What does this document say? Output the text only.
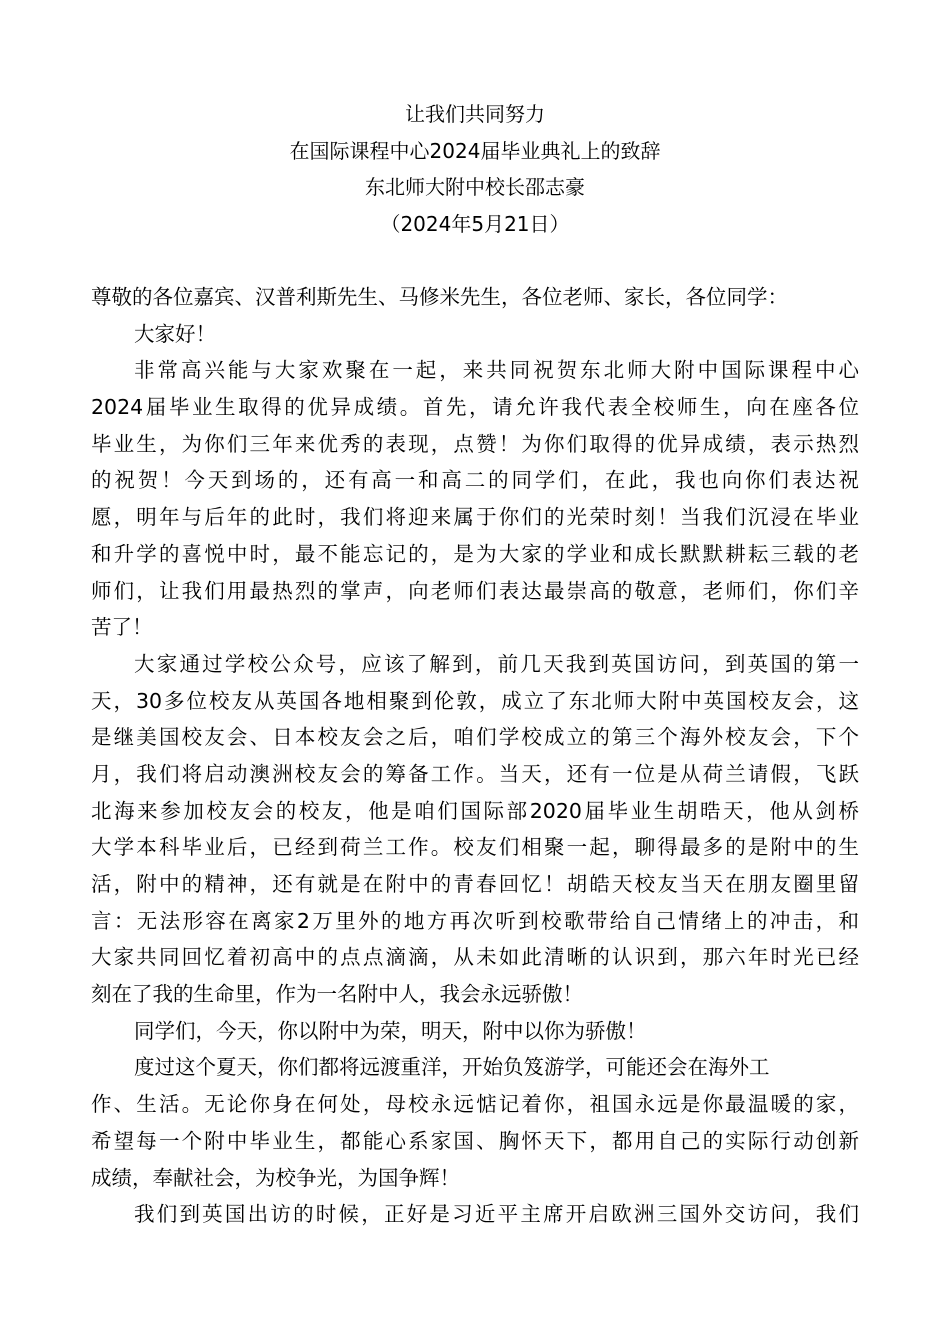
让我们共同努力
在国际课程中心2024届毕业典礼上的致辞
东北师大附中校长邵志豪
（2024年5月21日）
尊敬的各位嘉宾、汉普利斯先生、马修米先生，各位老师、家长，各位同学：
大家好！
非常高兴能与大家欢聚在一起，来共同祝贺东北师大附中国际课程中心
2024届毕业生取得的优异成绩。首先，请允许我代表全校师生，向在座各位
毕业生，为你们三年来优秀的表现，点赞！为你们取得的优异成绩，表示热烈
的祝贺！今天到场的，还有高一和高二的同学们，在此，我也向你们表达祝
愿，明年与后年的此时，我们将迎来属于你们的光荣时刻！当我们沉浸在毕业
和升学的喜悦中时，最不能忘记的，是为大家的学业和成长默默耕耘三载的老
师们，让我们用最热烈的掌声，向老师们表达最崇高的敬意，老师们，你们辛
苦了！
大家通过学校公众号，应该了解到，前几天我到英国访问，到英国的第一
天，30多位校友从英国各地相聚到伦敦，成立了东北师大附中英国校友会，这
是继美国校友会、日本校友会之后，咱们学校成立的第三个海外校友会，下个
月，我们将启动澳洲校友会的筹备工作。当天，还有一位是从荷兰请假，飞跃
北海来参加校友会的校友，他是咱们国际部2020届毕业生胡晧天，他从剑桥
大学本科毕业后，已经到荷兰工作。校友们相聚一起，聊得最多的是附中的生
活，附中的精神，还有就是在附中的青春回忆！胡皓天校友当天在朋友圈里留
言：无法形容在离家2万里外的地方再次听到校歌带给自己情绪上的冲击，和
大家共同回忆着初高中的点点滴滴，从未如此清晰的认识到，那六年时光已经
刻在了我的生命里，作为一名附中人，我会永远骄傲！
同学们，今天，你以附中为荣，明天，附中以你为骄傲！
度过这个夏天，你们都将远渡重洋，开始负笈游学，可能还会在海外工
作、生活。无论你身在何处，母校永远惦记着你，祖国永远是你最温暖的家，
希望每一个附中毕业生，都能心系家国、胸怀天下，都用自己的实际行动创新
成绩，奉献社会，为校争光，为国争辉！
我们到英国出访的时候，正好是习近平主席开启欧洲三国外交访问，我们
